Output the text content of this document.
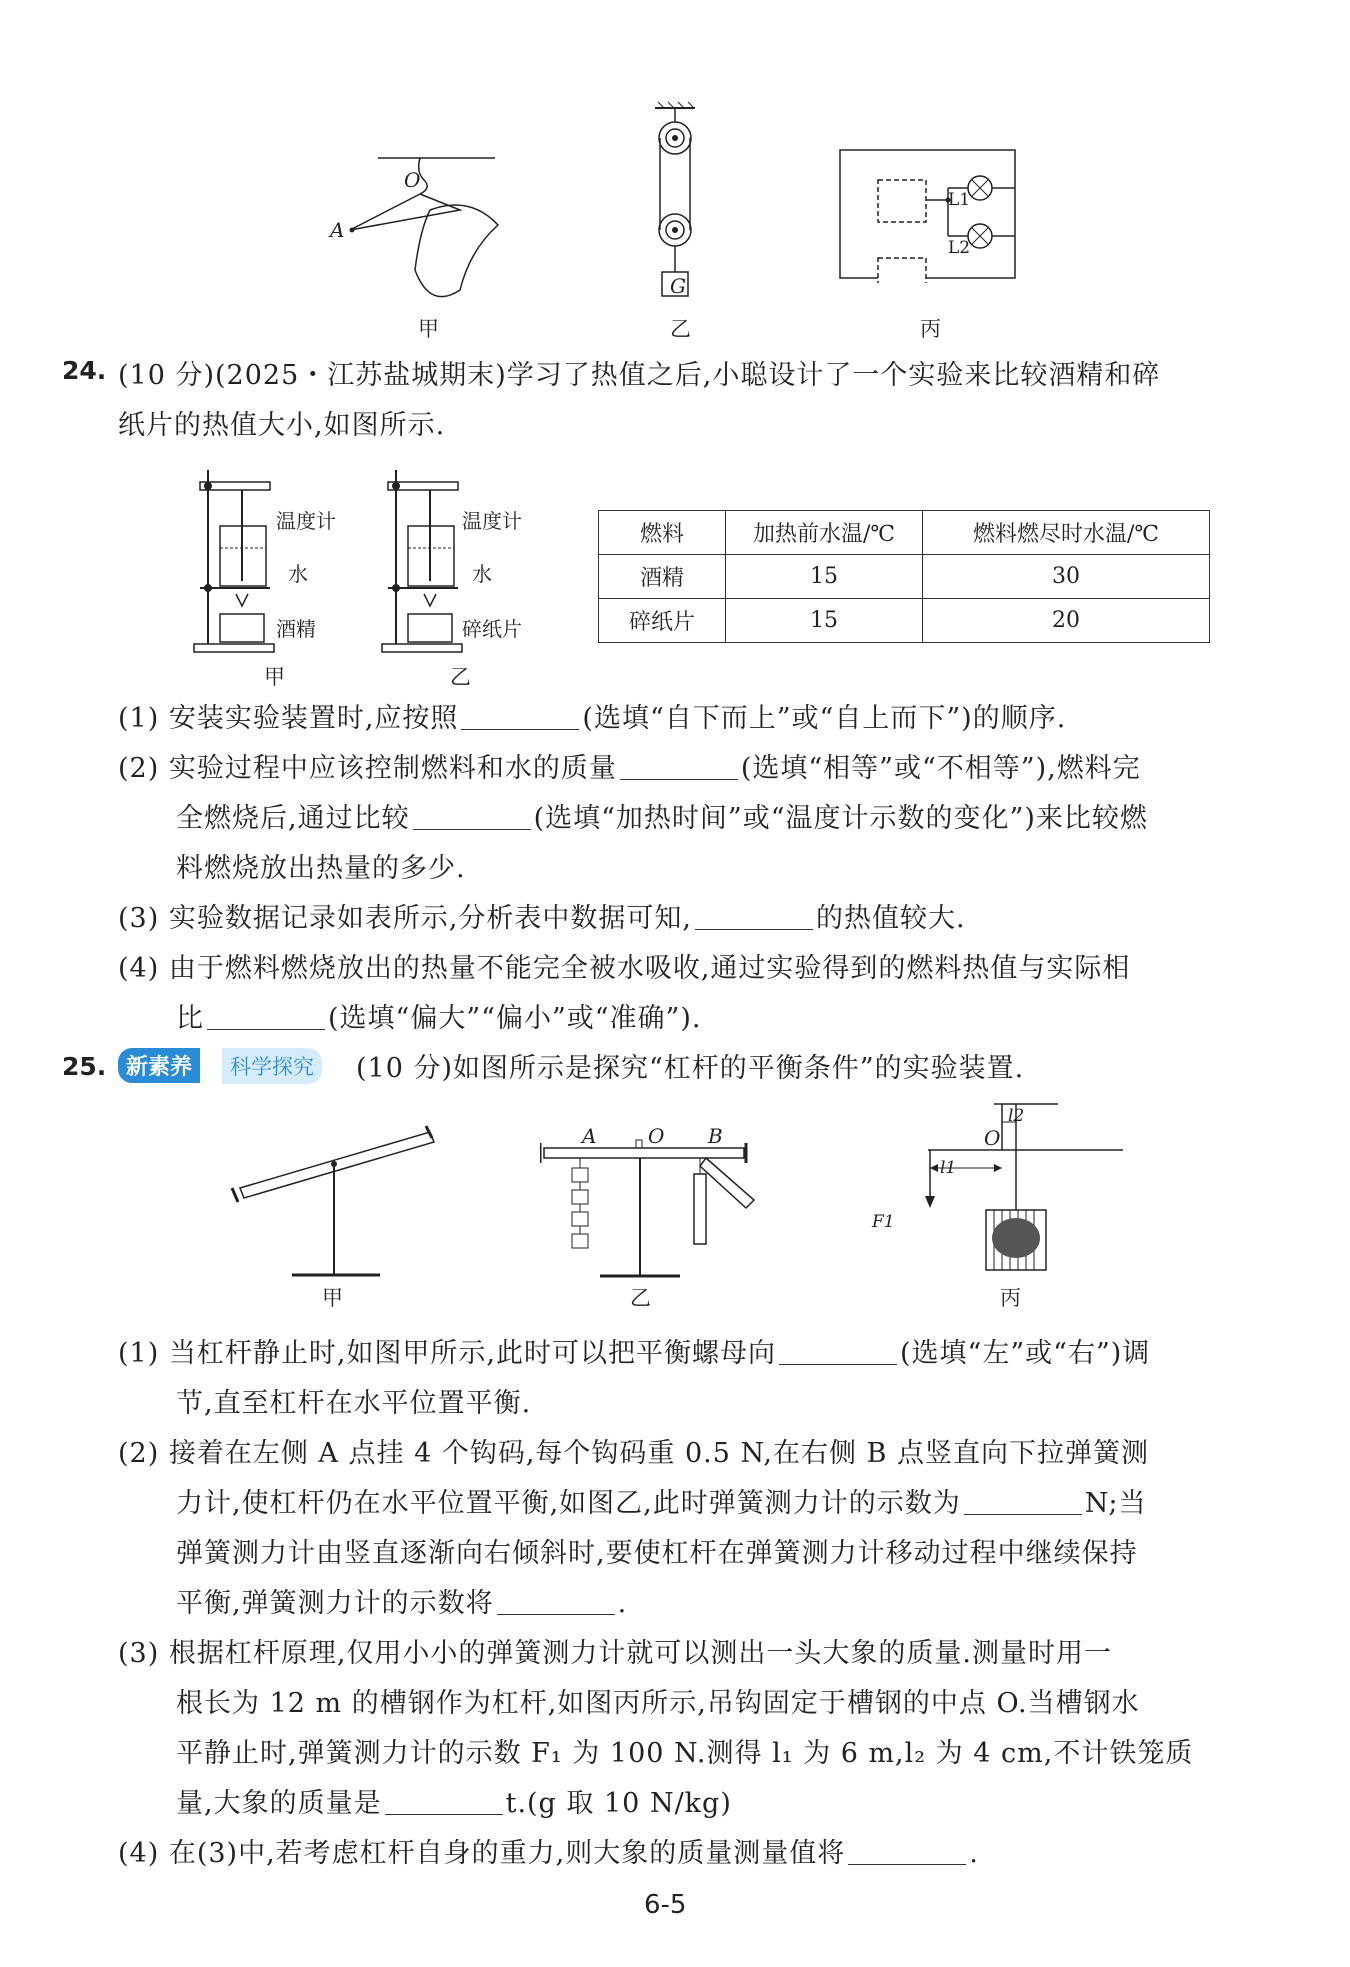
O
A
G
L1
L2
甲	乙	丙
24. (10 分)(2025・江苏盐城期末)学习了热值之后,小聪设计了一个实验来比较酒精和碎
纸片的热值大小,如图所示.
温度计
水
酒精
温度计
水
碎纸片
甲	乙
燃料	加热前水温/℃	燃料燃尽时水温/℃
酒精	15	30
碎纸片	15	20
(1) 安装实验装置时,应按照	(选填“自下而上”或“自上而下”)的顺序.
(2) 实验过程中应该控制燃料和水的质量	(选填“相等”或“不相等”),燃料完
全燃烧后,通过比较	(选填“加热时间”或“温度计示数的变化”)来比较燃
料燃烧放出热量的多少.
(3) 实验数据记录如表所示,分析表中数据可知,	的热值较大.
(4) 由于燃料燃烧放出的热量不能完全被水吸收,通过实验得到的燃料热值与实际相
比	(选填“偏大”“偏小”或“准确”).
25. 新素养	科学探究 (10 分)如图所示是探究“杠杆的平衡条件”的实验装置.
A	O B
l2
O
l1
F1
甲	乙	丙
(1) 当杠杆静止时,如图甲所示,此时可以把平衡螺母向	(选填“左”或“右”)调
节,直至杠杆在水平位置平衡.
(2) 接着在左侧 A 点挂 4 个钩码,每个钩码重 0.5 N,在右侧 B 点竖直向下拉弹簧测
力计,使杠杆仍在水平位置平衡,如图乙,此时弹簧测力计的示数为	N;当
弹簧测力计由竖直逐渐向右倾斜时,要使杠杆在弹簧测力计移动过程中继续保持
平衡,弹簧测力计的示数将	.
(3) 根据杠杆原理,仅用小小的弹簧测力计就可以测出一头大象的质量.测量时用一
根长为 12 m 的槽钢作为杠杆,如图丙所示,吊钩固定于槽钢的中点 O.当槽钢水
平静止时,弹簧测力计的示数 F₁ 为 100 N.测得 l₁ 为 6 m,l₂ 为 4 cm,不计铁笼质
量,大象的质量是	t.(g 取 10 N/kg)
(4) 在(3)中,若考虑杠杆自身的重力,则大象的质量测量值将	.
6-5
